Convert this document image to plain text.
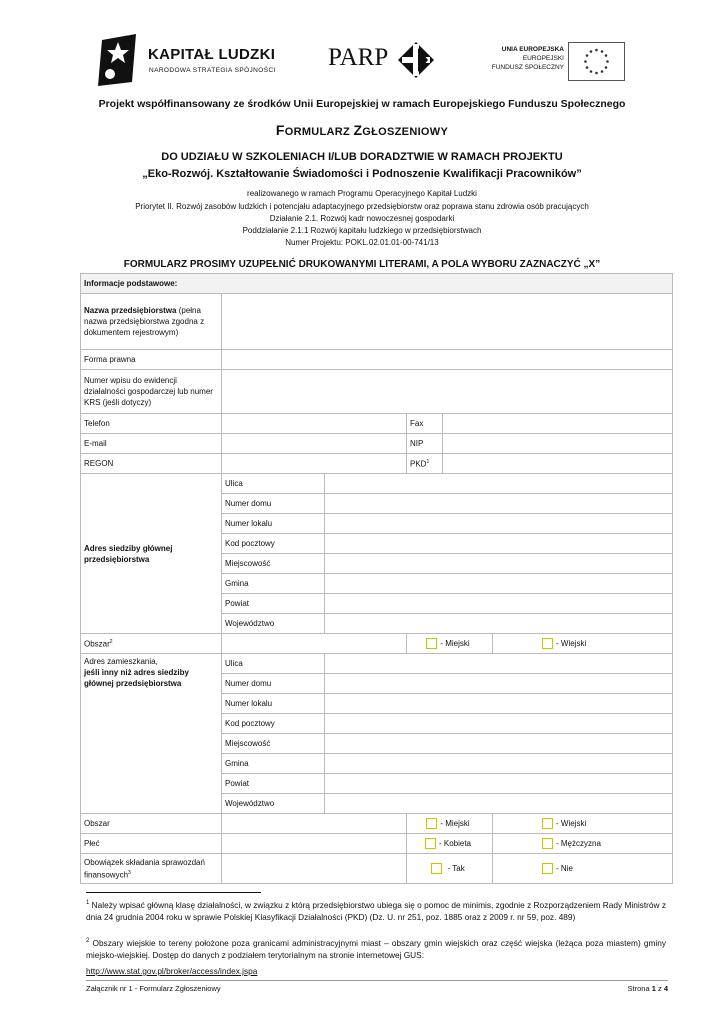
KAPITAŁ LUDZKI
NARODOWA STRATEGIA SPÓJNOŚCI PARP	UNIA EUROPEJSKA
EUROPEJSKI
FUNDUSZ SPOŁECZNY
Projekt współfinansowany ze środków Unii Europejskiej w ramach Europejskiego Funduszu Społecznego
FORMULARZ ZGŁOSZENIOWY
DO UDZIAŁU W SZKOLENIACH I/LUB DORADZTWIE W RAMACH PROJEKTU
„Eko-Rozwój. Kształtowanie Świadomości i Podnoszenie Kwalifikacji Pracowników”
realizowanego w ramach Programu Operacyjnego Kapitał Ludzki
Priorytet II. Rozwój zasobów ludzkich i potencjału adaptacyjnego przedsiębiorstw oraz poprawa stanu zdrowia osób pracujących
Działanie 2.1. Rozwój kadr nowoczesnej gospodarki
Poddziałanie 2.1.1 Rozwój kapitału ludzkiego w przedsiębiorstwach
Numer Projektu: POKL.02.01.01-00-741/13
FORMULARZ PROSIMY UZUPEŁNIĆ DRUKOWANYMI LITERAMI, A POLA WYBORU ZAZNACZYĆ „X”
Informacje podstawowe:					
Nazwa przedsiębiorstwa (pełna nazwa przedsiębiorstwa zgodna z dokumentem rejestrowym)					
Forma prawna					
Numer wpisu do ewidencji działalności gospodarczej lub numer KRS (jeśli dotyczy)					
Telefon			Fax		
E-mail			NIP		
REGON			PKD$^1$	
Adres siedziby głównej przedsiębiorstwa	Ulica				
	Numer domu				
	Numer lokalu				
	Kod pocztowy				
	Miejscowość				
	Gmina				
	Powiat				
	Województwo				
Obszar$^2$			- Miejski		- Wiejski
Adres zamieszkania,
jeśli inny niż adres siedziby głównej przedsiębiorstwa	Ulica				
	Numer domu				
	Numer lokalu				
	Kod pocztowy				
	Miejscowość				
	Gmina				
	Powiat				
	Województwo				
Obszar			- Miejski		- Wiejski
Płeć			- Kobieta		- Mężczyzna
Obowiązek składania sprawozdań finansowych$^3$			- Tak		- Nie
$^1$ Należy wpisać główną klasę działalności, w związku z którą przedsiębiorstwo ubiega się o pomoc de minimis, zgodnie z Rozporządzeniem Rady Ministrów z dnia 24 grudnia 2004 roku w sprawie Polskiej Klasyfikacji Działalności (PKD) (Dz. U. nr 251, poz. 1885 oraz z 2009 r. nr 59, poz. 489)
$^2$ Obszary wiejskie to tereny położone poza granicami administracyjnymi miast – obszary gmin wiejskich oraz część wiejska (leżąca poza miastem) gminy miejsko-wiejskiej. Dostęp do danych z podziałem terytorialnym na stronie internetowej GUS:
http://www.stat.gov.pl/broker/access/index.jspa
Załącznik nr 1 - Formularz Zgłoszeniowy	Strona 1 z 4
